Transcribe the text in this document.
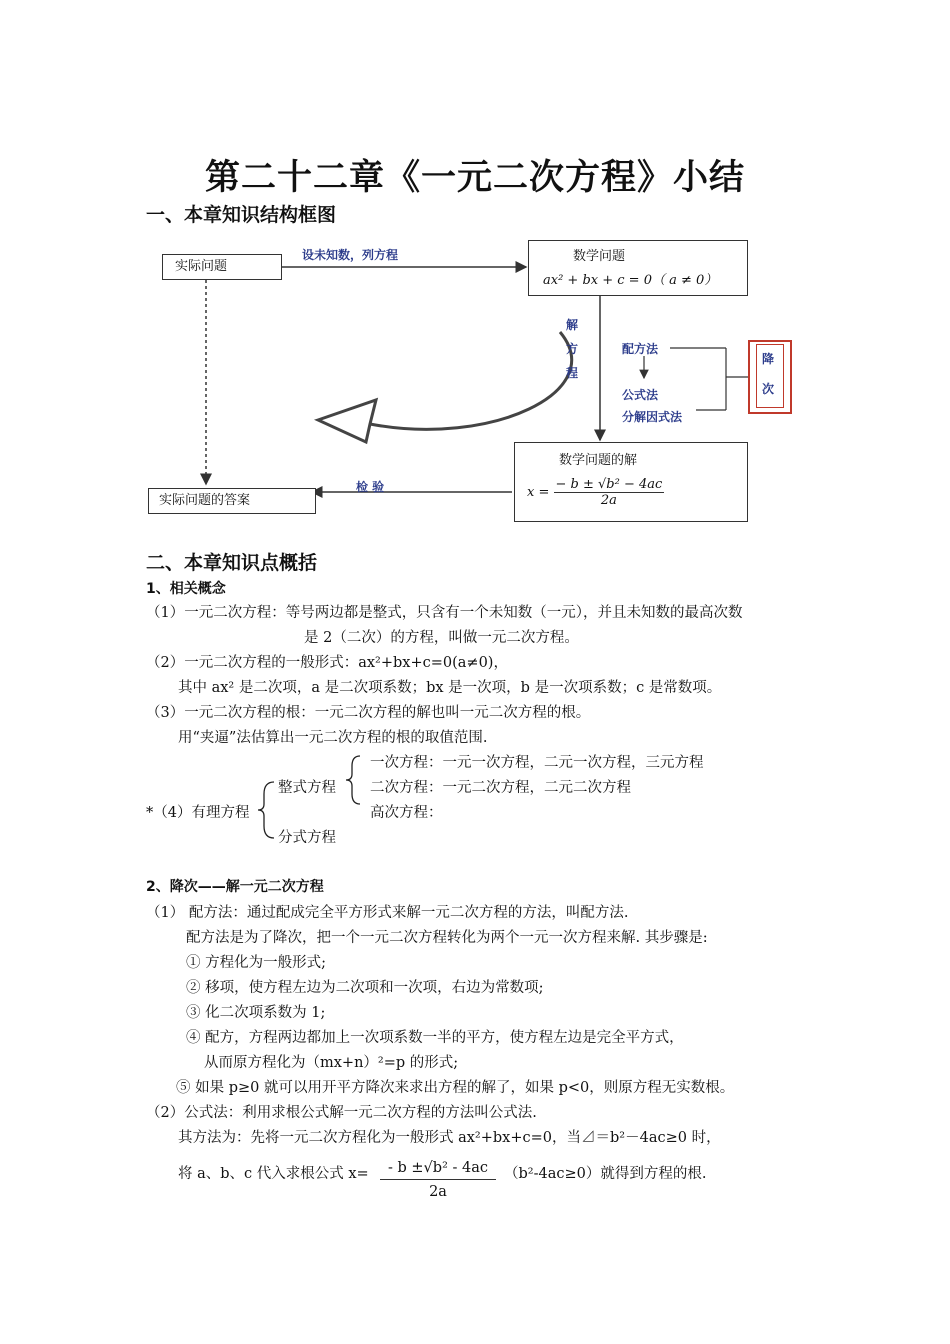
第二十二章《一元二次方程》小结
一、本章知识结构框图
实际问题
设未知数，列方程	数学问题
ax² + bx + c = 0（ a ≠ 0）
解
方
程
配方法
公式法
分解因式法
降
次
数学问题的解
$x = \frac{\text{− b ± √b² − 4ac}}{2a}$
检 验
实际问题的答案
二、本章知识点概括
1、相关概念
（1）一元二次方程：等号两边都是整式，只含有一个未知数（一元），并且未知数的最高次数
是 2（二次）的方程，叫做一元二次方程。
（2）一元二次方程的一般形式：ax²+bx+c=0(a≠0)，
其中 ax² 是二次项，a 是二次项系数；bx 是一次项，b 是一次项系数；c 是常数项。
（3）一元二次方程的根：一元二次方程的解也叫一元二次方程的根。
用“夹逼”法估算出一元二次方程的根的取值范围.
一次方程：一元一次方程，二元一次方程，三元方程
整式方程 二次方程：一元二次方程，二元二次方程
*（4）有理方程	高次方程：
分式方程
2、降次——解一元二次方程
（1） 配方法：通过配成完全平方形式来解一元二次方程的方法，叫配方法.
配方法是为了降次，把一个一元二次方程转化为两个一元一次方程来解. 其步骤是:
① 方程化为一般形式;
② 移项，使方程左边为二次项和一次项，右边为常数项;
③ 化二次项系数为 1;
④ 配方，方程两边都加上一次项系数一半的平方，使方程左边是完全平方式，
从而原方程化为（mx+n）²=p 的形式;
⑤ 如果 p≥0 就可以用开平方降次来求出方程的解了，如果 p<0，则原方程无实数根。
（2）公式法：利用求根公式解一元二次方程的方法叫公式法.
其方法为：先将一元二次方程化为一般形式 ax²+bx+c=0，当⊿＝b²－4ac≥0 时，
将 a、b、c 代入求根公式 $x= \frac{\text{- b ±√b² - 4ac}}{2a} (b^2-4ac\ge 0)$就得到方程的根.
